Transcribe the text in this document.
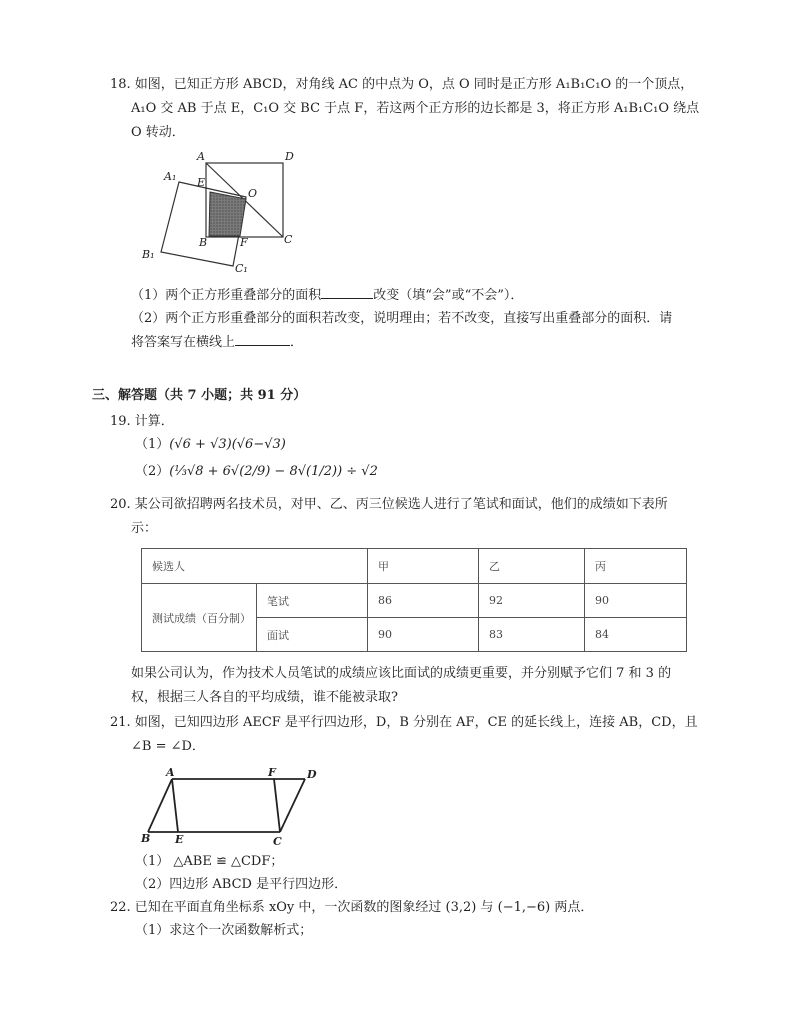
18. 如图，已知正方形 ABCD，对角线 AC 的中点为 O，点 O 同时是正方形 A₁B₁C₁O 的一个顶点，
A₁O 交 AB 于点 E，C₁O 交 BC 于点 F，若这两个正方形的边长都是 3，将正方形 A₁B₁C₁O 绕点
O 转动．
A	D
A₁ E
O
B₁
B	F	C
C₁
（1）两个正方形重叠部分的面积	改变（填“会”或“不会”）．
（2）两个正方形重叠部分的面积若改变，说明理由；若不改变，直接写出重叠部分的面积．请
将答案写在横线上	．
三、解答题（共 7 小题；共 91 分）
19. 计算．
（1）(√6 + √3)(√6−√3)
（2）(⅓√8 + 6√(2/9) − 8√(1/2)) ÷ √2
20. 某公司欲招聘两名技术员，对甲、乙、丙三位候选人进行了笔试和面试，他们的成绩如下表所
示：
候选人		甲	乙	丙
测试成绩（百分制）	笔试	86	92	90
	面试	90	83	84
如果公司认为，作为技术人员笔试的成绩应该比面试的成绩更重要，并分别赋予它们 7 和 3 的
权，根据三人各自的平均成绩，谁不能被录取?
21. 如图，已知四边形 AECF 是平行四边形，D，B 分别在 AF，CE 的延长线上，连接 AB，CD，且
∠B = ∠D．
A	F	D
B E	C
（1） △ABE ≌ △CDF；
（2）四边形 ABCD 是平行四边形．
22. 已知在平面直角坐标系 xOy 中，一次函数的图象经过 (3,2) 与 (−1,−6) 两点．
（1）求这个一次函数解析式；
